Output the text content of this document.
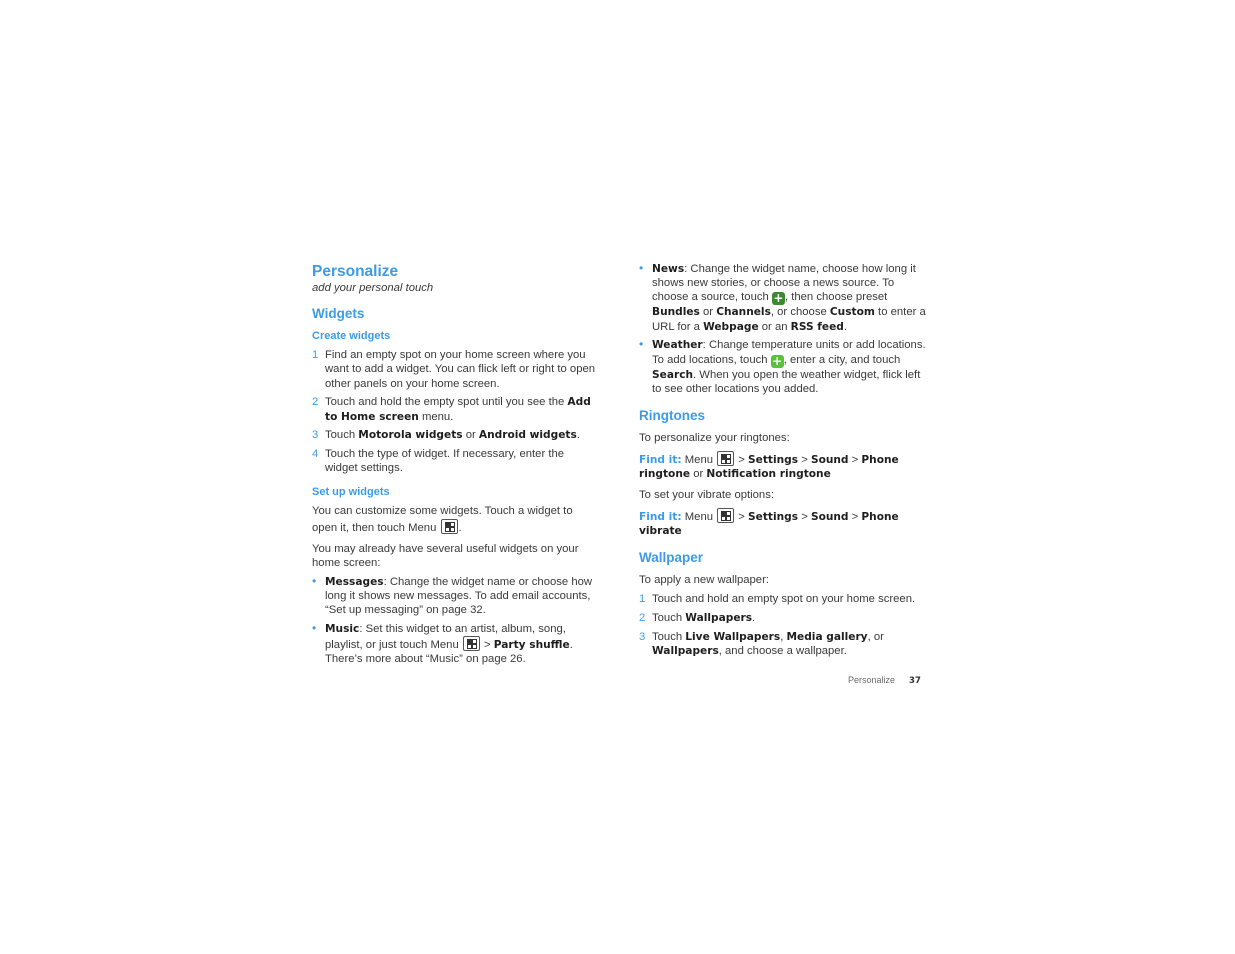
Personalize

add your personal touch

Widgets
Create widgets
1 Find an empty spot on your home screen where you want to add a widget. You can flick left or right to open other panels on your home screen.
2 Touch and hold the empty spot until you see the Add to Home screen menu.
3 Touch Motorola widgets or Android widgets.
4 Touch the type of widget. If necessary, enter the widget settings.
Set up widgets

You can customize some widgets. Touch a widget to open it, then touch Menu
.

You may already have several useful widgets on your home screen:

• Messages: Change the widget name or choose how long it shows new messages. To add email accounts, “Set up messaging” on page 32.
• Music: Set this widget to an artist, album, song, playlist, or just touch Menu
> Party shuffle. There’s more about “Music” on page 26.
• News: Change the widget name, choose how long it shows new stories, or choose a news source. To choose a source, touch +, then choose preset Bundles or Channels, or choose Custom to enter a URL for a Webpage or an RSS feed.
• Weather: Change temperature units or add locations. To add locations, touch +, enter a city, and touch Search. When you open the weather widget, flick left to see other locations you added.
Ringtones

To personalize your ringtones:

Find it: Menu
> Settings > Sound > Phone ringtone or Notification ringtone

To set your vibrate options:

Find it: Menu
> Settings > Sound > Phone vibrate

Wallpaper

To apply a new wallpaper:

1 Touch and hold an empty spot on your home screen.
2 Touch Wallpapers.
3 Touch Live Wallpapers, Media gallery, or Wallpapers, and choose a wallpaper.
Personalize 37
